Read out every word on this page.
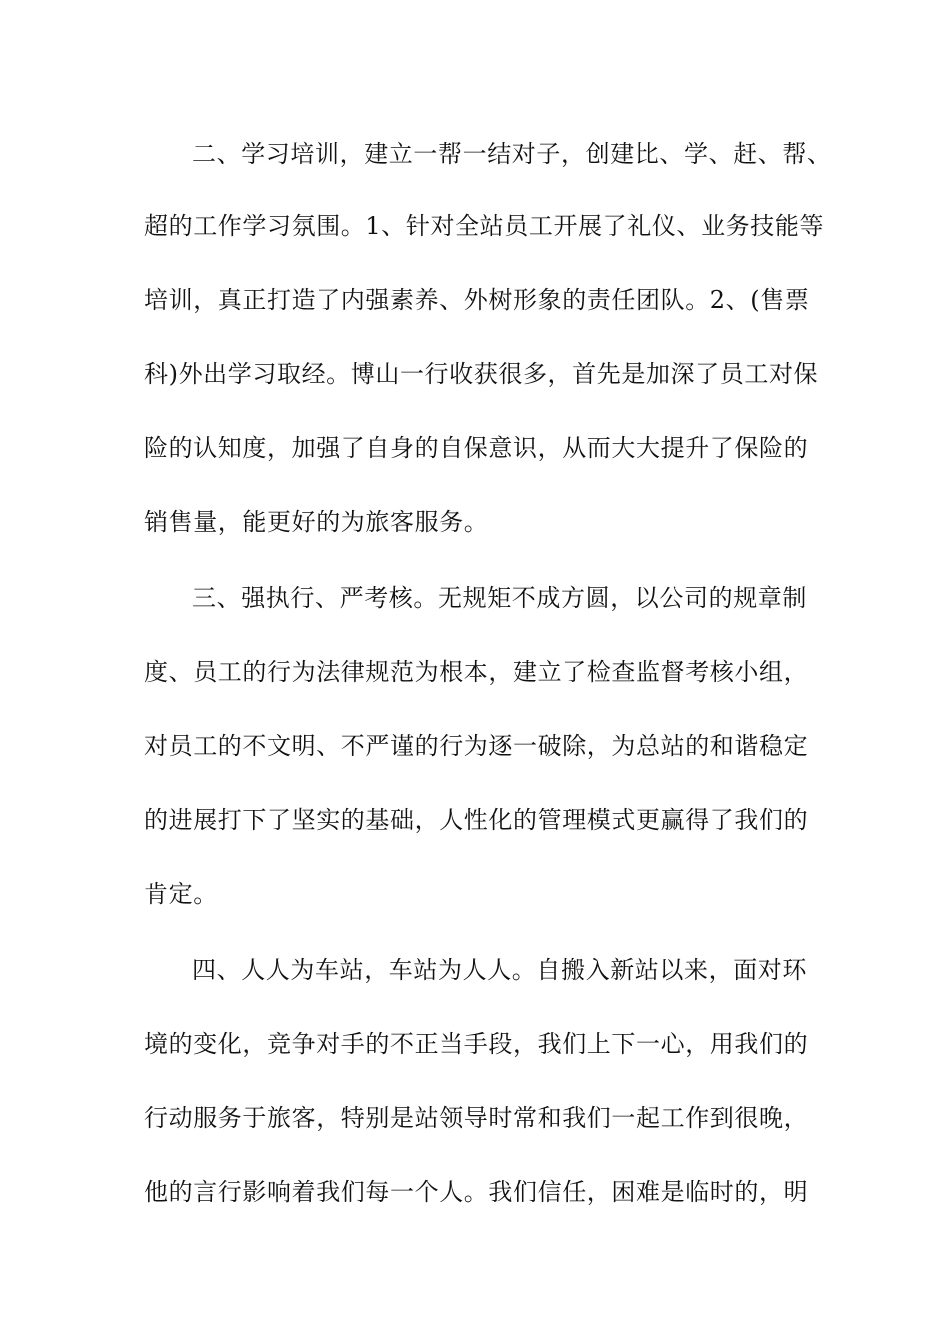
二、学习培训，建立一帮一结对子，创建比、学、赶、帮、
超的工作学习氛围。1、针对全站员工开展了礼仪、业务技能等
培训，真正打造了内强素养、外树形象的责任团队。2、(售票
科)外出学习取经。博山一行收获很多，首先是加深了员工对保
险的认知度，加强了自身的自保意识，从而大大提升了保险的
销售量，能更好的为旅客服务。
三、强执行、严考核。无规矩不成方圆，以公司的规章制
度、员工的行为法律规范为根本，建立了检查监督考核小组，
对员工的不文明、不严谨的行为逐一破除，为总站的和谐稳定
的进展打下了坚实的基础，人性化的管理模式更赢得了我们的
肯定。
四、人人为车站，车站为人人。自搬入新站以来，面对环
境的变化，竞争对手的不正当手段，我们上下一心，用我们的
行动服务于旅客，特别是站领导时常和我们一起工作到很晚，
他的言行影响着我们每一个人。我们信任，困难是临时的，明
